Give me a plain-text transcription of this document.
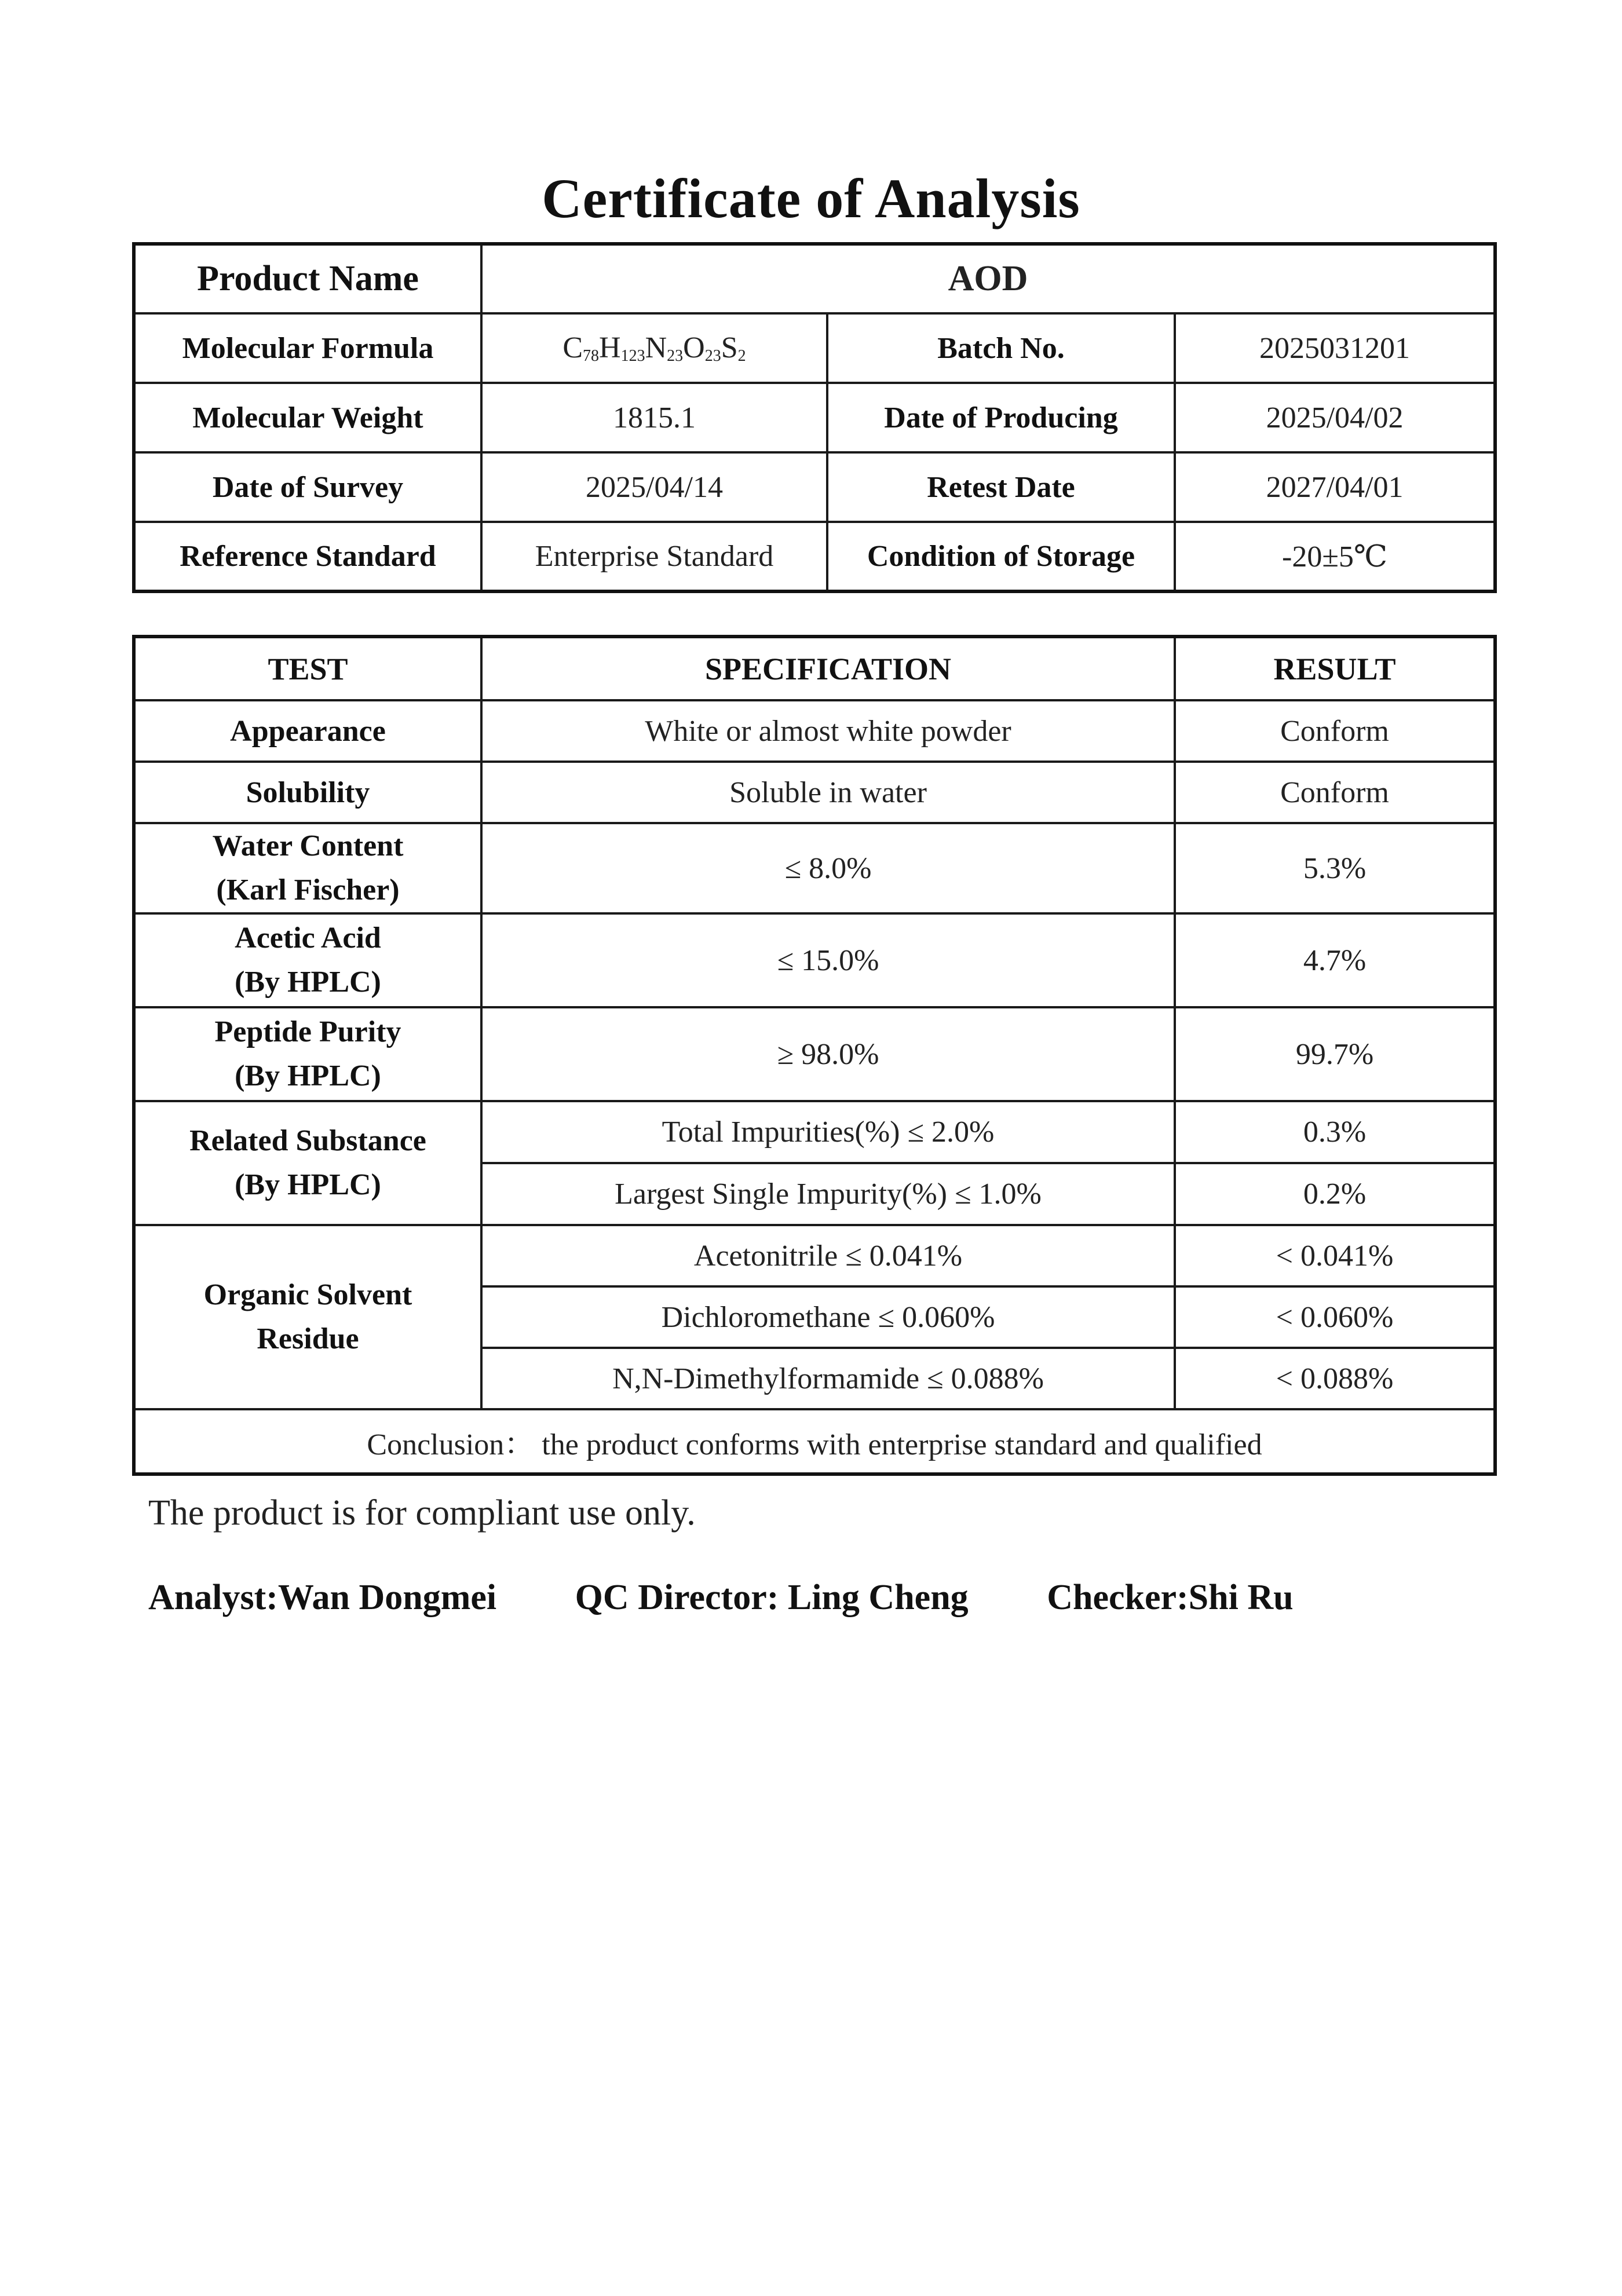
Certificate of Analysis
Product Name	AOD		
Molecular Formula	$C_{78}H_{123}N_{23}O_{23}S_2$	Batch No.	2025031201
Molecular Weight	1815.1	Date of Producing	2025/04/02
Date of Survey	2025/04/14	Retest Date	2027/04/01
Reference Standard	Enterprise Standard	Condition of Storage	-20±5℃
TEST	SPECIFICATION	RESULT
Appearance	White or almost white powder	Conform
Solubility	Soluble in water	Conform

Water Content
(Karl Fischer)	≤ 8.0%	5.3%

Acetic Acid
(By HPLC)	≤ 15.0%	4.7%

Peptide Purity
(By HPLC)	≥ 98.0%	99.7%

Related Substance
(By HPLC)	Total Impurities(%) ≤ 2.0%	0.3%
	Largest Single Impurity(%) ≤ 1.0%	0.2%

Organic Solvent
Residue	Acetonitrile ≤ 0.041%	< 0.041%
	Dichloromethane ≤ 0.060%	< 0.060%
	N,N-Dimethylformamide ≤ 0.088%	< 0.088%
Conclusion： the product conforms with enterprise standard and qualified		
The product is for compliant use only.
Analyst:Wan Dongmei QC Director: Ling Cheng Checker:Shi Ru
